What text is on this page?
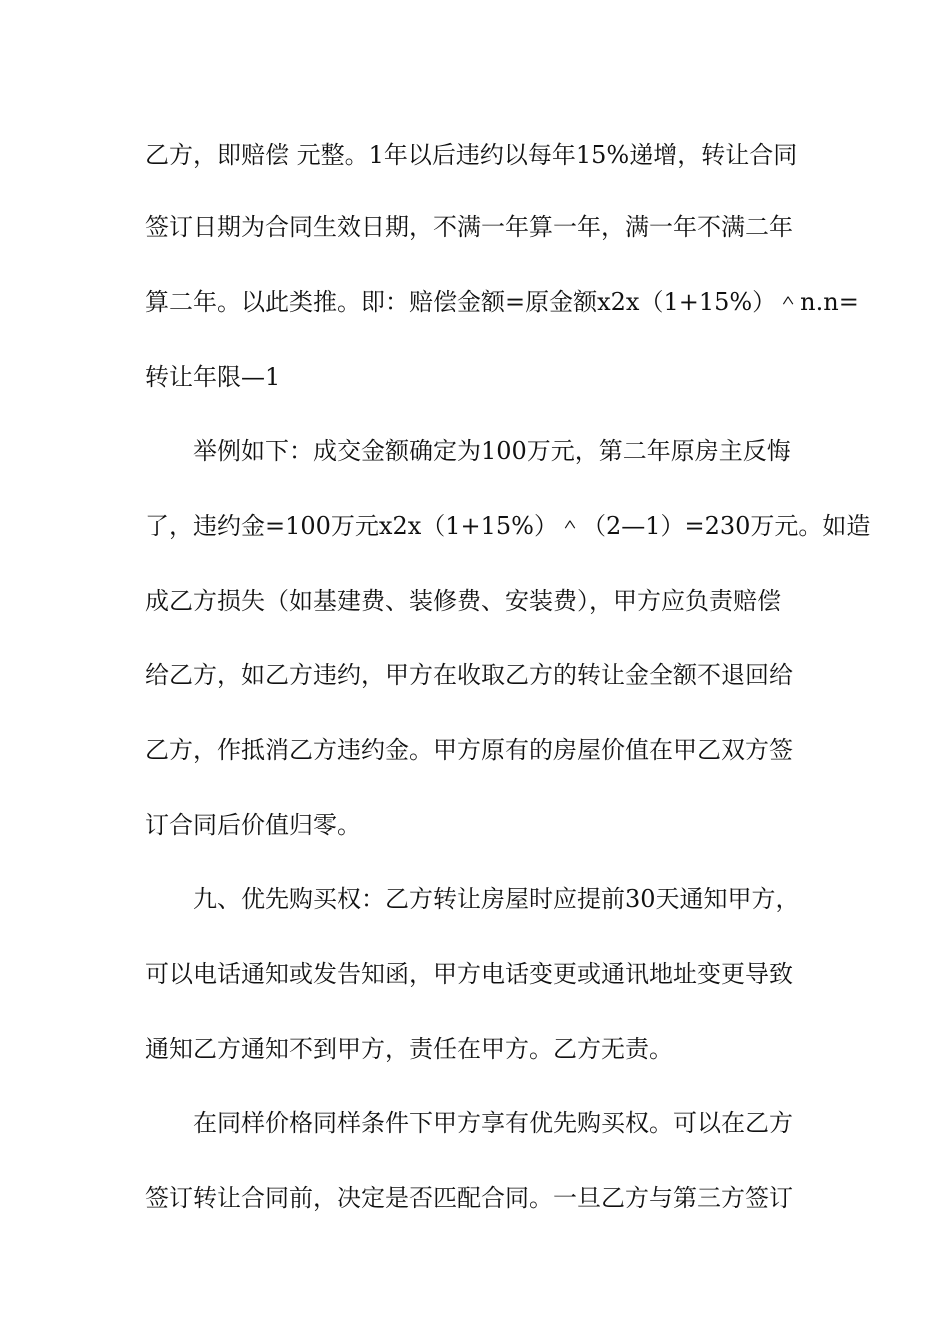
乙方，即赔偿 元整。1年以后违约以每年15%递增，转让合同
签订日期为合同生效日期，不满一年算一年，满一年不满二年
算二年。以此类推。即：赔偿金额=原金额x2x（1+15%）＾n.n=
转让年限—1
举例如下：成交金额确定为100万元，第二年原房主反悔
了，违约金=100万元x2x（1+15%）＾（2—1）=230万元。如造
成乙方损失（如基建费、装修费、安装费），甲方应负责赔偿
给乙方，如乙方违约，甲方在收取乙方的转让金全额不退回给
乙方，作抵消乙方违约金。甲方原有的房屋价值在甲乙双方签
订合同后价值归零。
九、优先购买权：乙方转让房屋时应提前30天通知甲方，
可以电话通知或发告知函，甲方电话变更或通讯地址变更导致
通知乙方通知不到甲方，责任在甲方。乙方无责。
在同样价格同样条件下甲方享有优先购买权。可以在乙方
签订转让合同前，决定是否匹配合同。一旦乙方与第三方签订
